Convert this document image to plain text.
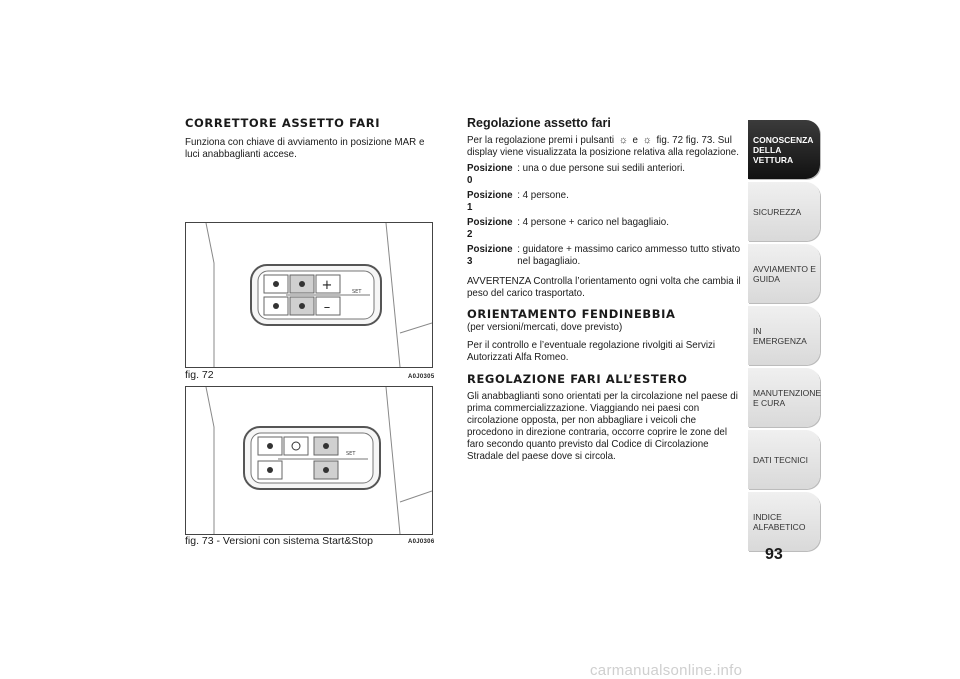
CORRETTORE ASSETTO FARI
Funziona con chiave di avviamento in posizione MAR e luci anabbaglianti accese.
+
–
SET
fig. 72	A0J0305
SET
fig. 73 - Versioni con sistema Start&Stop	A0J0306
Regolazione assetto fari
Per la regolazione premi i pulsanti ☼ e ☼ fig. 72 fig. 73. Sul display viene visualizzata la posizione relativa alla regolazione.
Posizione 0
: una o due persone sui sedili anteriori.
Posizione 1
: 4 persone.
Posizione 2
: 4 persone + carico nel bagagliaio.
Posizione 3
: guidatore + massimo carico ammesso tutto stivato nel bagagliaio.
AVVERTENZA Controlla l’orientamento ogni volta che cambia il peso del carico trasportato.
ORIENTAMENTO FENDINEBBIA
(per versioni/mercati, dove previsto)
Per il controllo e l’eventuale regolazione rivolgiti ai Servizi Autorizzati Alfa Romeo.
REGOLAZIONE FARI ALL’ESTERO
Gli anabbaglianti sono orientati per la circolazione nel paese di prima commercializzazione. Viaggiando nei paesi con circolazione opposta, per non abbagliare i veicoli che procedono in direzione contraria, occorre coprire le zone del faro secondo quanto previsto dal Codice di Circolazione Stradale del paese dove si circola.
CONOSCENZA DELLA VETTURA
SICUREZZA
AVVIAMENTO E GUIDA
IN EMERGENZA
MANUTENZIONE E CURA
DATI TECNICI
INDICE ALFABETICO
93
carmanualsonline.info
